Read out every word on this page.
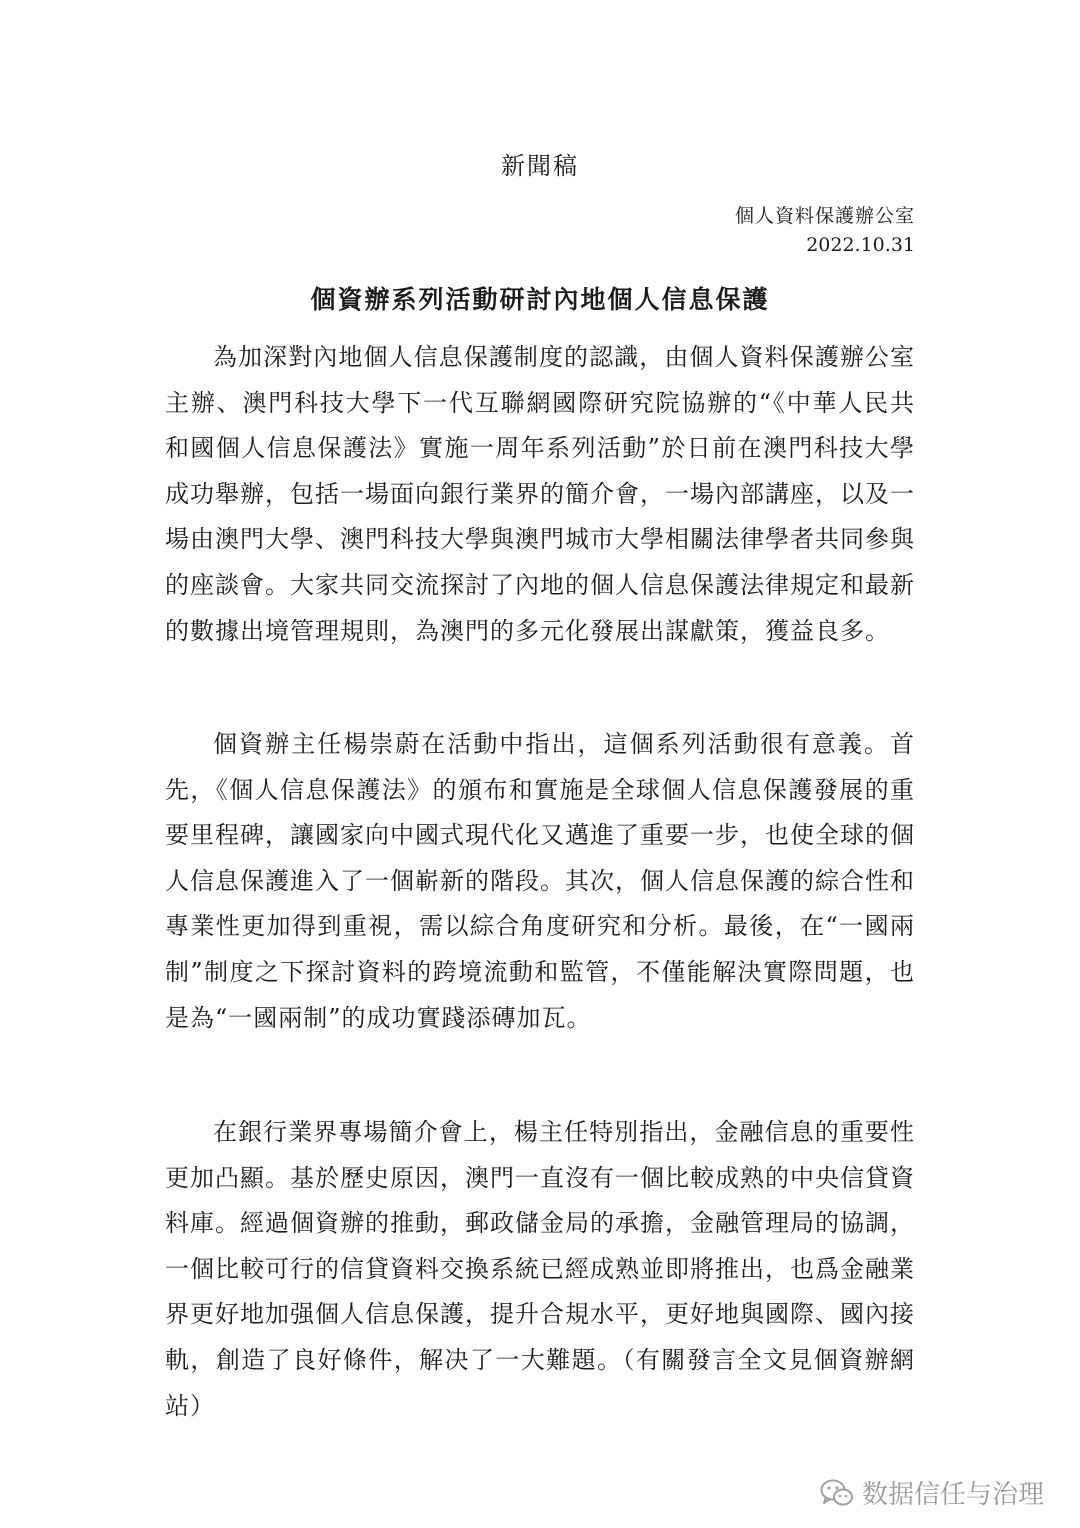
新聞稿
個人資料保護辦公室
2022.10.31
個資辦系列活動研討內地個人信息保護

為加深對內地個人信息保護制度的認識，由個人資料保護辦公室主辦、澳門科技大學下一代互聯網國際研究院協辦的“《中華人民共和國個人信息保護法》實施一周年系列活動”於日前在澳門科技大學成功舉辦，包括一場面向銀行業界的簡介會，一場內部講座，以及一場由澳門大學、澳門科技大學與澳門城市大學相關法律學者共同參與的座談會。大家共同交流探討了內地的個人信息保護法律規定和最新的數據出境管理規則，為澳門的多元化發展出謀獻策，獲益良多。

個資辦主任楊崇蔚在活動中指出，這個系列活動很有意義。首先，《個人信息保護法》的頒布和實施是全球個人信息保護發展的重要里程碑，讓國家向中國式現代化又邁進了重要一步，也使全球的個人信息保護進入了一個嶄新的階段。其次，個人信息保護的綜合性和專業性更加得到重視，需以綜合角度研究和分析。最後，在“一國兩制”制度之下探討資料的跨境流動和監管，不僅能解決實際問題，也是為“一國兩制”的成功實踐添磚加瓦。

在銀行業界專場簡介會上，楊主任特別指出，金融信息的重要性更加凸顯。基於歷史原因，澳門一直沒有一個比較成熟的中央信貸資料庫。經過個資辦的推動，郵政儲金局的承擔，金融管理局的協調，一個比較可行的信貸資料交換系統已經成熟並即將推出，也爲金融業界更好地加强個人信息保護，提升合規水平，更好地與國際、國內接軌，創造了良好條件，解决了一大難題。（有關發言全文見個資辦網站）

数据信任与治理
